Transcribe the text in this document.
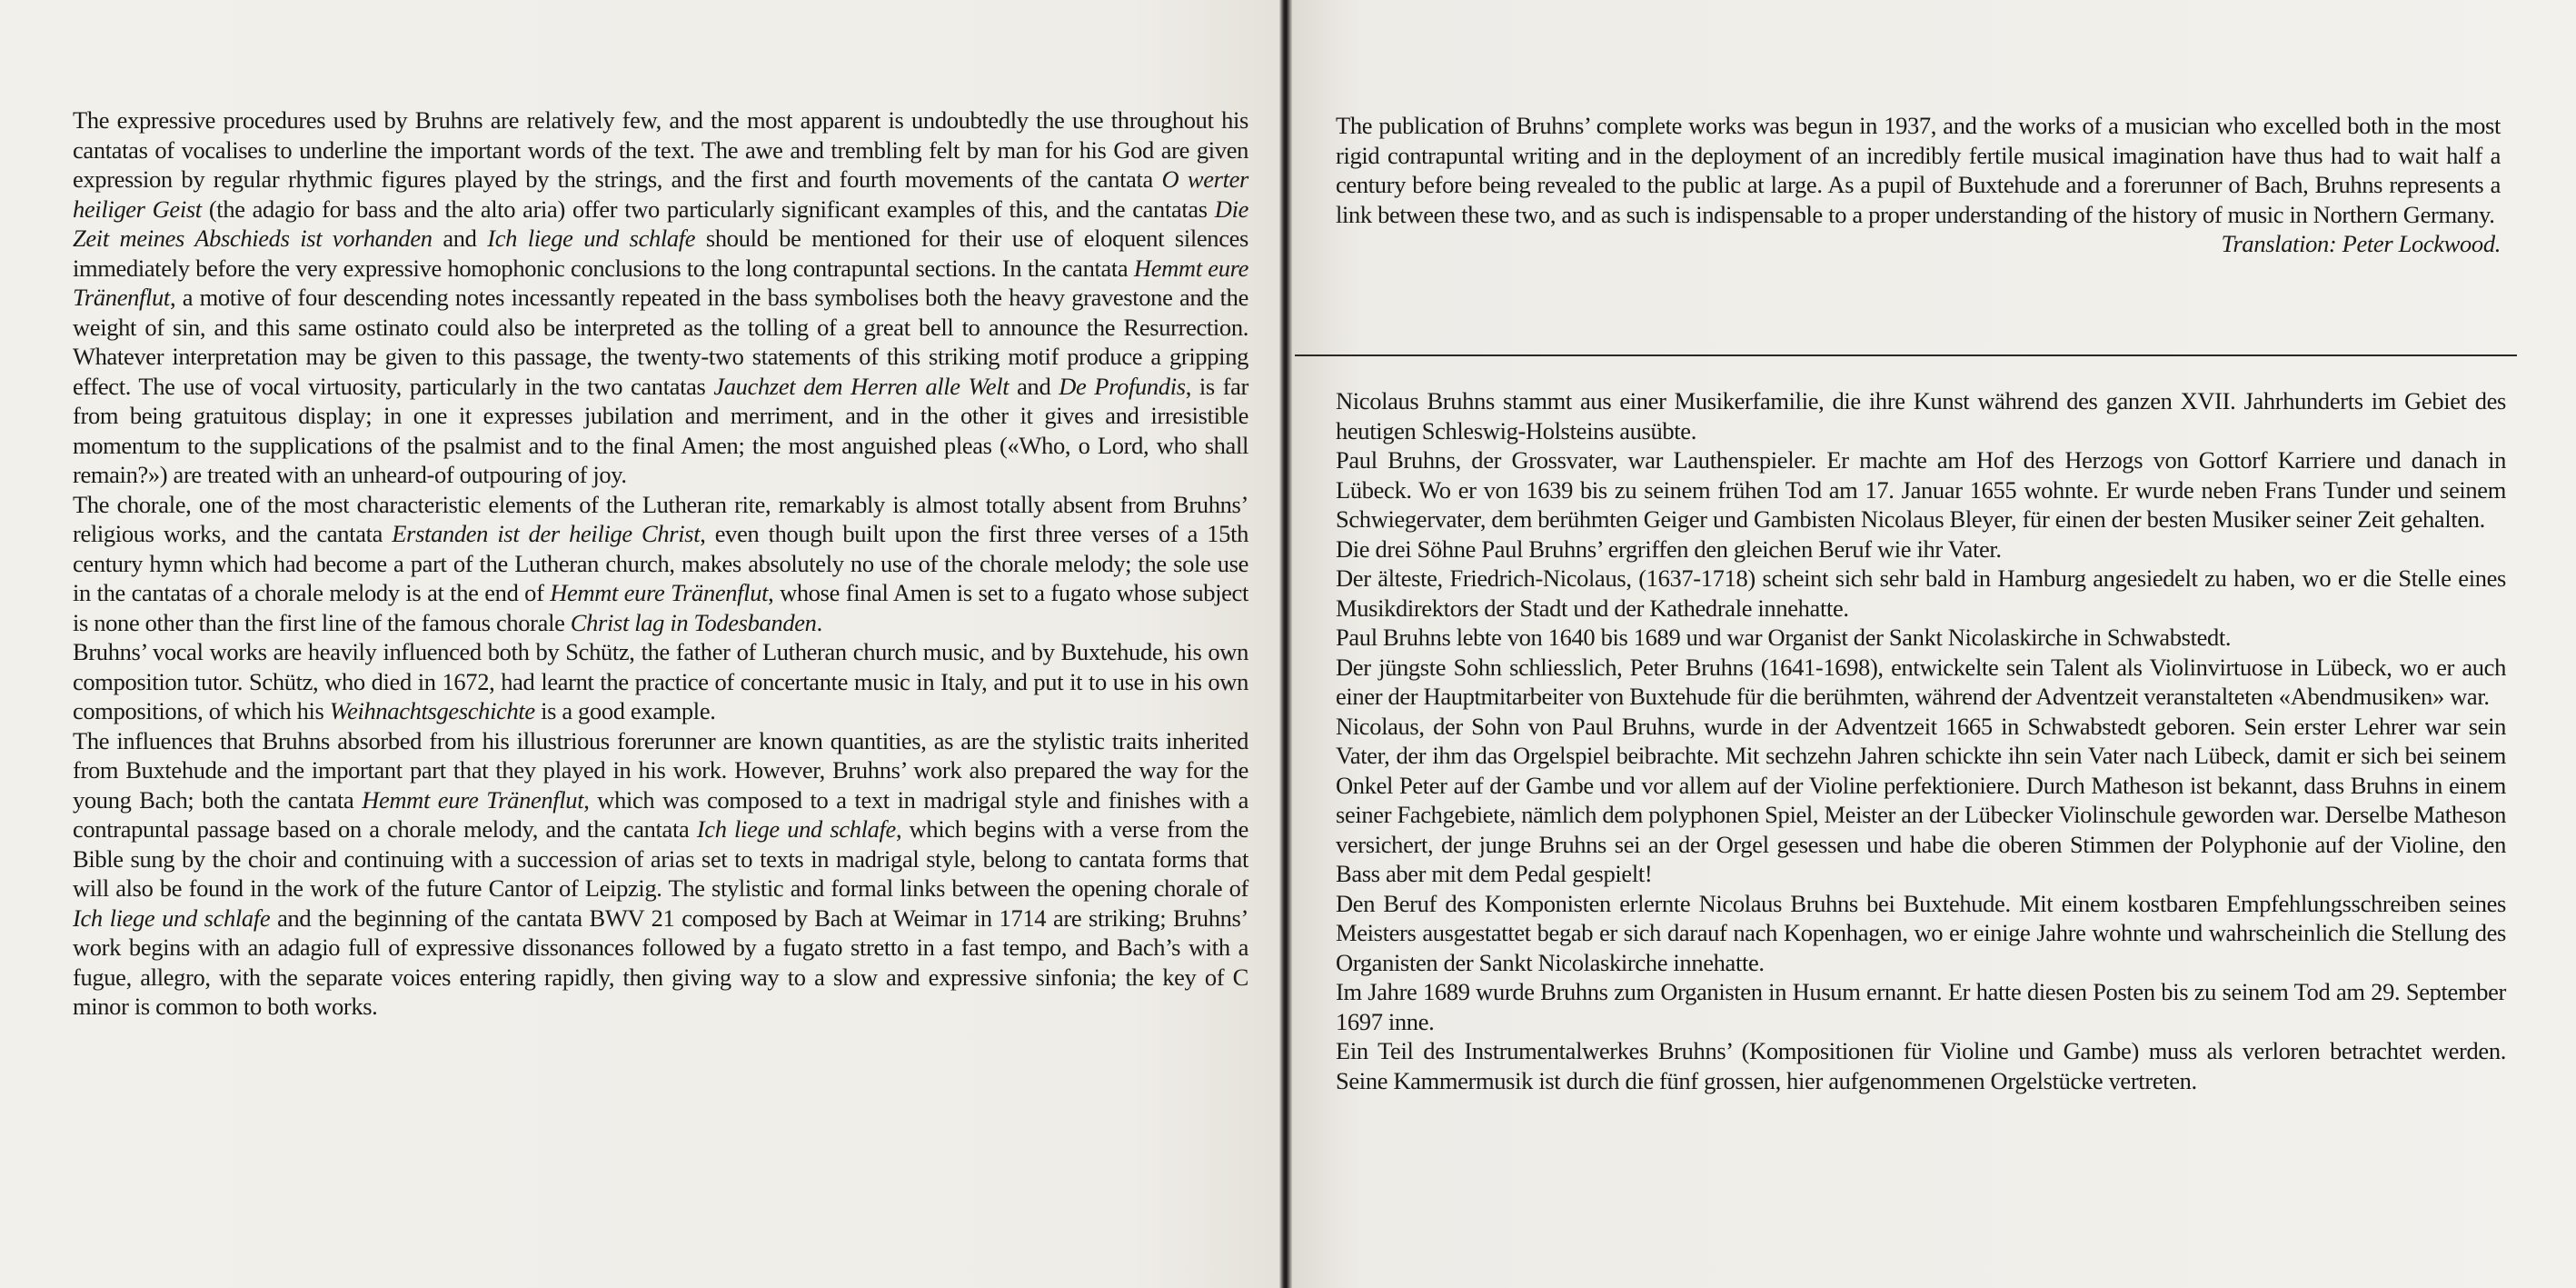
The expressive procedures used by Bruhns are relatively few, and the most apparent is undoubtedly the use throughout his cantatas of vocalises to underline the important words of the text. The awe and trembling felt by man for his God are given expression by regular rhythmic figures played by the strings, and the first and fourth movements of the cantata O werter heiliger Geist (the adagio for bass and the alto aria) offer two particularly significant examples of this, and the cantatas Die Zeit meines Abschieds ist vorhanden and Ich liege und schlafe should be mentioned for their use of eloquent silences immediately before the very expressive homophonic conclusions to the long contrapuntal sections. In the cantata Hemmt eure Tränenflut, a motive of four descending notes incessantly repeated in the bass symbolises both the heavy gravestone and the weight of sin, and this same ostinato could also be interpreted as the tolling of a great bell to announce the Resurrection. Whatever interpretation may be given to this passage, the twenty-two statements of this striking motif produce a gripping effect. The use of vocal virtuosity, particularly in the two cantatas Jauchzet dem Herren alle Welt and De Profundis, is far from being gratuitous display; in one it expresses jubilation and merriment, and in the other it gives and irresistible momentum to the supplications of the psalmist and to the final Amen; the most anguished pleas («Who, o Lord, who shall remain?») are treated with an unheard-of outpouring of joy.

The chorale, one of the most characteristic elements of the Lutheran rite, remarkably is almost totally absent from Bruhns’ religious works, and the cantata Erstanden ist der heilige Christ, even though built upon the first three verses of a 15th century hymn which had become a part of the Lutheran church, makes absolutely no use of the chorale melody; the sole use in the cantatas of a chorale melody is at the end of Hemmt eure Tränenflut, whose final Amen is set to a fugato whose subject is none other than the first line of the famous chorale Christ lag in Todesbanden.

Bruhns’ vocal works are heavily influenced both by Schütz, the father of Lutheran church music, and by Buxtehude, his own composition tutor. Schütz, who died in 1672, had learnt the practice of concertante music in Italy, and put it to use in his own compositions, of which his Weihnachtsgeschichte is a good example.

The influences that Bruhns absorbed from his illustrious forerunner are known quantities, as are the stylistic traits inherited from Buxtehude and the important part that they played in his work. However, Bruhns’ work also prepared the way for the young Bach; both the cantata Hemmt eure Tränenflut, which was composed to a text in madrigal style and finishes with a contrapuntal passage based on a chorale melody, and the cantata Ich liege und schlafe, which begins with a verse from the Bible sung by the choir and continuing with a succession of arias set to texts in madrigal style, belong to cantata forms that will also be found in the work of the future Cantor of Leipzig. The stylistic and formal links between the opening chorale of Ich liege und schlafe and the beginning of the cantata BWV 21 composed by Bach at Weimar in 1714 are striking; Bruhns’ work begins with an adagio full of expressive dissonances followed by a fugato stretto in a fast tempo, and Bach’s with a fugue, allegro, with the separate voices entering rapidly, then giving way to a slow and expressive sinfonia; the key of C minor is common to both works.

The publication of Bruhns’ complete works was begun in 1937, and the works of a musician who excelled both in the most rigid contrapuntal writing and in the deployment of an incredibly fertile musical imagination have thus had to wait half a century before being revealed to the public at large. As a pupil of Buxtehude and a forerunner of Bach, Bruhns represents a link between these two, and as such is indispensable to a proper understanding of the history of music in Northern Germany.

Translation: Peter Lockwood.

Nicolaus Bruhns stammt aus einer Musikerfamilie, die ihre Kunst während des ganzen XVII. Jahrhunderts im Gebiet des heutigen Schleswig-Holsteins ausübte.

Paul Bruhns, der Grossvater, war Lauthenspieler. Er machte am Hof des Herzogs von Gottorf Karriere und danach in Lübeck. Wo er von 1639 bis zu seinem frühen Tod am 17. Januar 1655 wohnte. Er wurde neben Frans Tunder und seinem Schwiegervater, dem berühmten Geiger und Gambisten Nicolaus Bleyer, für einen der besten Musiker seiner Zeit gehalten.

Die drei Söhne Paul Bruhns’ ergriffen den gleichen Beruf wie ihr Vater.

Der älteste, Friedrich-Nicolaus, (1637-1718) scheint sich sehr bald in Hamburg angesiedelt zu haben, wo er die Stelle eines Musikdirektors der Stadt und der Kathedrale innehatte.

Paul Bruhns lebte von 1640 bis 1689 und war Organist der Sankt Nicolaskirche in Schwabstedt.

Der jüngste Sohn schliesslich, Peter Bruhns (1641-1698), entwickelte sein Talent als Violinvirtuose in Lübeck, wo er auch einer der Hauptmitarbeiter von Buxtehude für die berühmten, während der Adventzeit veranstalteten «Abendmusiken» war.

Nicolaus, der Sohn von Paul Bruhns, wurde in der Adventzeit 1665 in Schwabstedt geboren. Sein erster Lehrer war sein Vater, der ihm das Orgelspiel beibrachte. Mit sechzehn Jahren schickte ihn sein Vater nach Lübeck, damit er sich bei seinem Onkel Peter auf der Gambe und vor allem auf der Violine perfektioniere. Durch Matheson ist bekannt, dass Bruhns in einem seiner Fachgebiete, nämlich dem polyphonen Spiel, Meister an der Lübecker Violinschule geworden war. Derselbe Matheson versichert, der junge Bruhns sei an der Orgel gesessen und habe die oberen Stimmen der Polyphonie auf der Violine, den Bass aber mit dem Pedal gespielt!

Den Beruf des Komponisten erlernte Nicolaus Bruhns bei Buxtehude. Mit einem kostbaren Empfehlungsschreiben seines Meisters ausgestattet begab er sich darauf nach Kopenhagen, wo er einige Jahre wohnte und wahrscheinlich die Stellung des Organisten der Sankt Nicolaskirche innehatte.

Im Jahre 1689 wurde Bruhns zum Organisten in Husum ernannt. Er hatte diesen Posten bis zu seinem Tod am 29. September 1697 inne.

Ein Teil des Instrumentalwerkes Bruhns’ (Kompositionen für Violine und Gambe) muss als verloren betrachtet werden. Seine Kammermusik ist durch die fünf grossen, hier aufgenommenen Orgelstücke vertreten.
